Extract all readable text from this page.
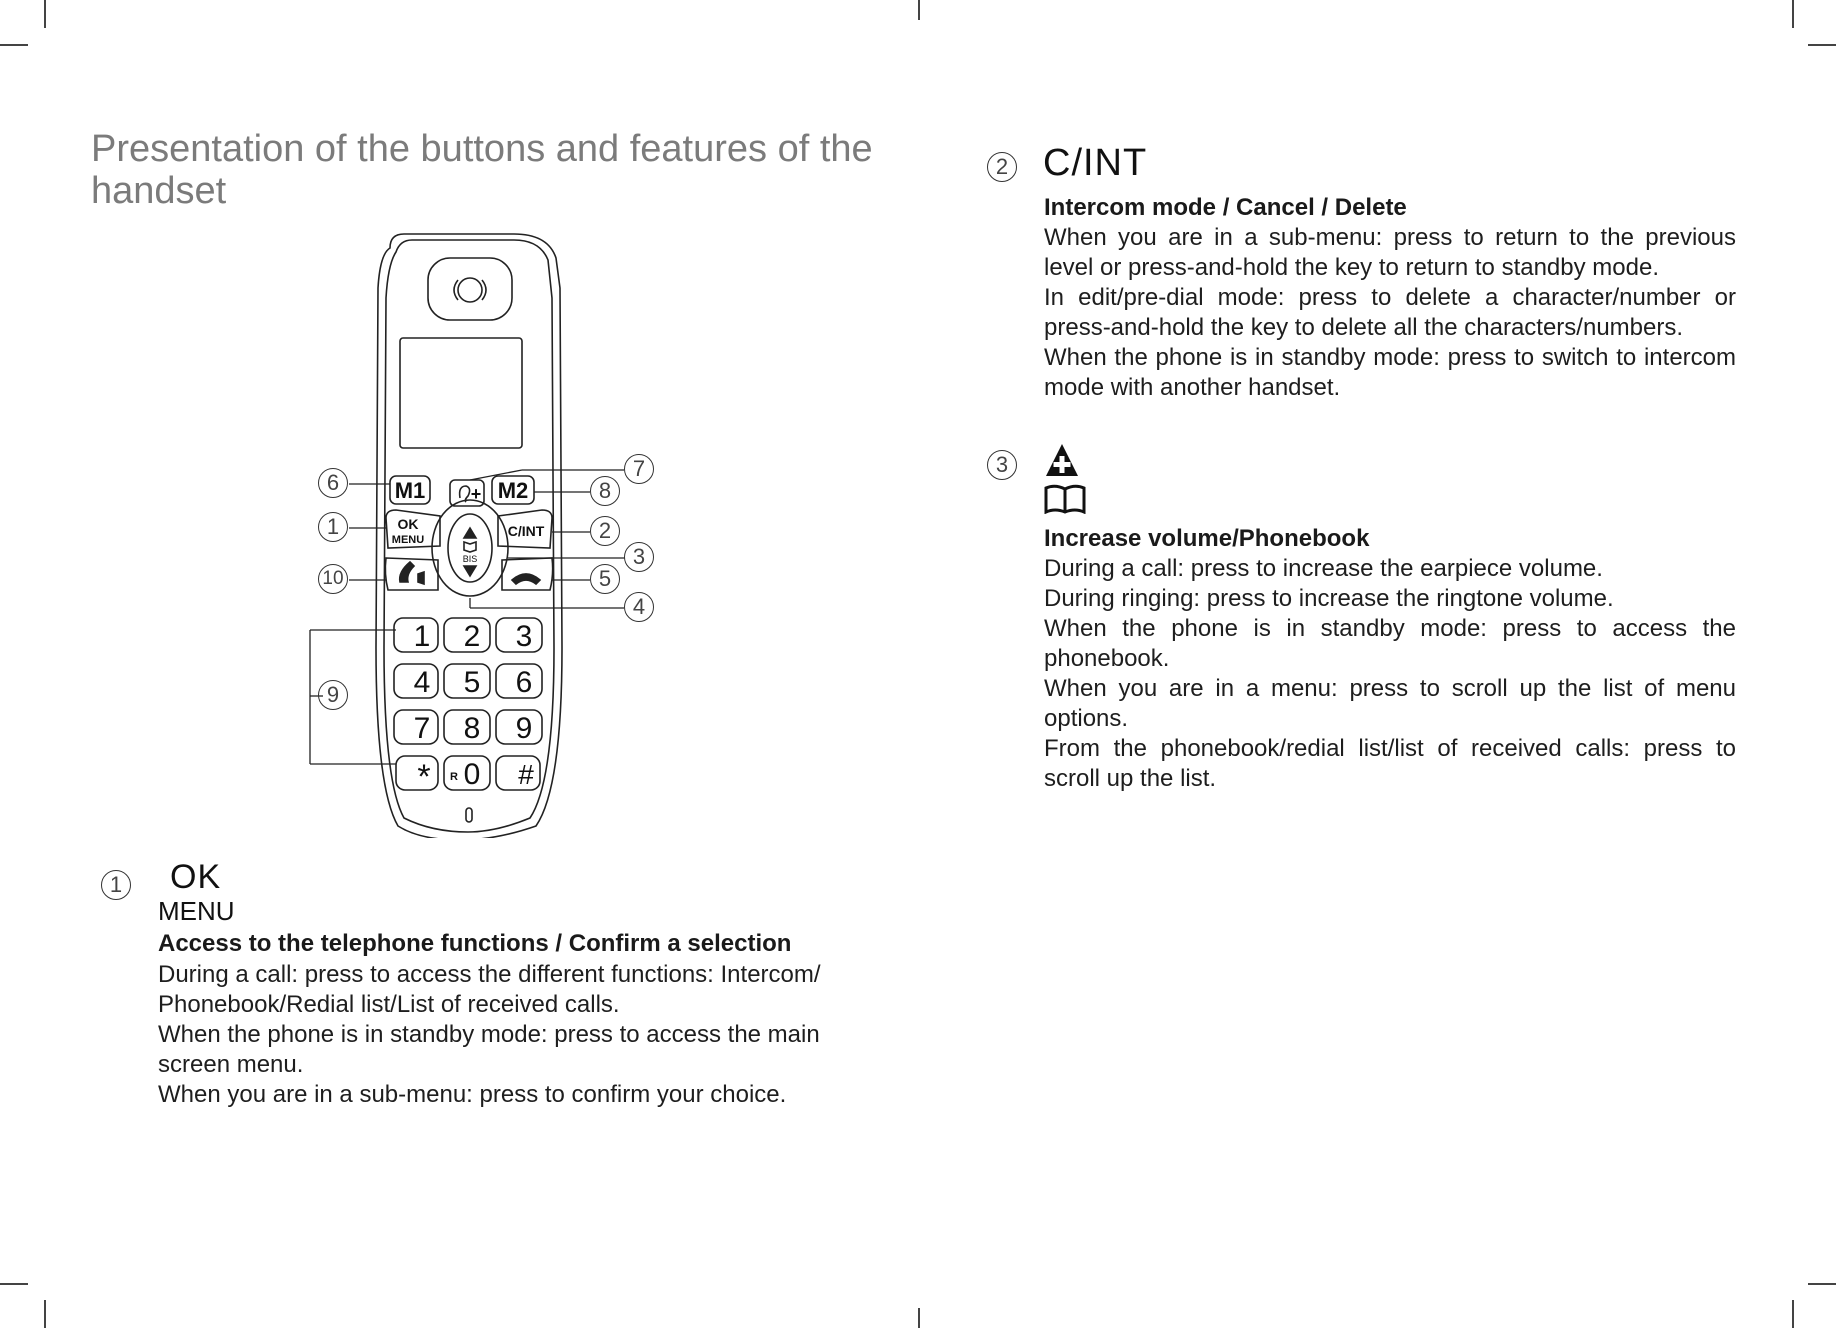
Presentation of the buttons and features of the handset
M1	+ M2
OK
MENU
C/INT
BIS
1 2 3
4 5 6
7 8 9
* R 0 #
6
1
10
9
7
8
2
3
5
4
1 OK
MENU
Access to the telephone functions / Confirm a selection

During a call: press to access the different functions: Intercom/ Phonebook/Redial list/List of received calls.

When the phone is in standby mode: press to access the main screen menu.

When you are in a sub-menu: press to confirm your choice.

2 C/INT
Intercom mode / Cancel / Delete

When you are in a sub-menu: press to return to the previous level or press-and-hold the key to return to standby mode.

In edit/pre-dial mode: press to delete a character/number or press-and-hold the key to delete all the characters/numbers.

When the phone is in standby mode: press to switch to intercom mode with another handset.

3
Increase volume/Phonebook

During a call: press to increase the earpiece volume.

During ringing: press to increase the ringtone volume.

When the phone is in standby mode: press to access the phonebook.

When you are in a menu: press to scroll up the list of menu options.

From the phonebook/redial list/list of received calls: press to scroll up the list.
